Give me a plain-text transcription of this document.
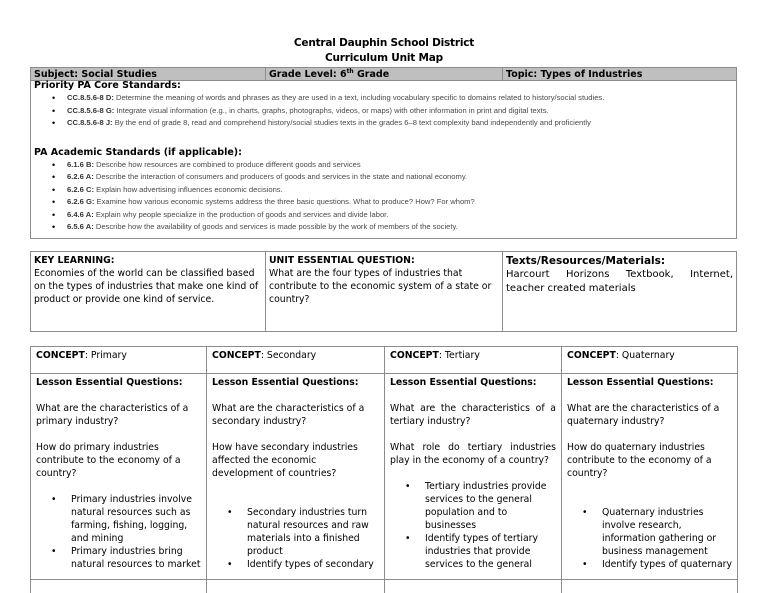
Central Dauphin School District
Curriculum Unit Map
Subject: Social Studies	Grade Level: 6th Grade	Topic: Types of Industries
Priority PA Core Standards:
• CC.8.5.6-8 D: Determine the meaning of words and phrases as they are used in a text, including vocabulary specific to domains related to history/social studies.
• CC.8.5.6-8 G: Integrate visual information (e.g., in charts, graphs, photographs, videos, or maps) with other information in print and digital texts.
• CC.8.5.6-8 J: By the end of grade 8, read and comprehend history/social studies texts in the grades 6–8 text complexity band independently and proficiently
PA Academic Standards (if applicable):
• 6.1.6 B: Describe how resources are combined to produce different goods and services
• 6.2.6 A: Describe the interaction of consumers and producers of goods and services in the state and national economy.
• 6.2.6 C: Explain how advertising influences economic decisions.
• 6.2.6 G: Examine how various economic systems address the three basic questions. What to produce? How? For whom?
• 6.4.6 A: Explain why people specialize in the production of goods and services and divide labor.
• 6.5.6 A: Describe how the availability of goods and services is made possible by the work of members of the society.
KEY LEARNING:
Economies of the world can be classified based on the types of industries that make one kind of product or provide one kind of service.
UNIT ESSENTIAL QUESTION:
What are the four types of industries that contribute to the economic system of a state or country?
Texts/Resources/Materials:
Harcourt Horizons Textbook, Internet, teacher created materials
CONCEPT: Primary
Lesson Essential Questions:
What are the characteristics of a primary industry?
How do primary industries contribute to the economy of a country?
• Primary industries involve natural resources such as farming, fishing, logging, and mining
• Primary industries bring natural resources to market
CONCEPT: Secondary
Lesson Essential Questions:
What are the characteristics of a secondary industry?
How have secondary industries affected the economic development of countries?
• Secondary industries turn natural resources and raw materials into a finished product
• Identify types of secondary
CONCEPT: Tertiary
Lesson Essential Questions:
What are the characteristics of a tertiary industry?
What role do tertiary industries play in the economy of a country?
• Tertiary industries provide services to the general population and to businesses
• Identify types of tertiary industries that provide services to the general
CONCEPT: Quaternary
Lesson Essential Questions:
What are the characteristics of a quaternary industry?
How do quaternary industries contribute to the economy of a country?
• Quaternary industries involve research, information gathering or business management
• Identify types of quaternary
